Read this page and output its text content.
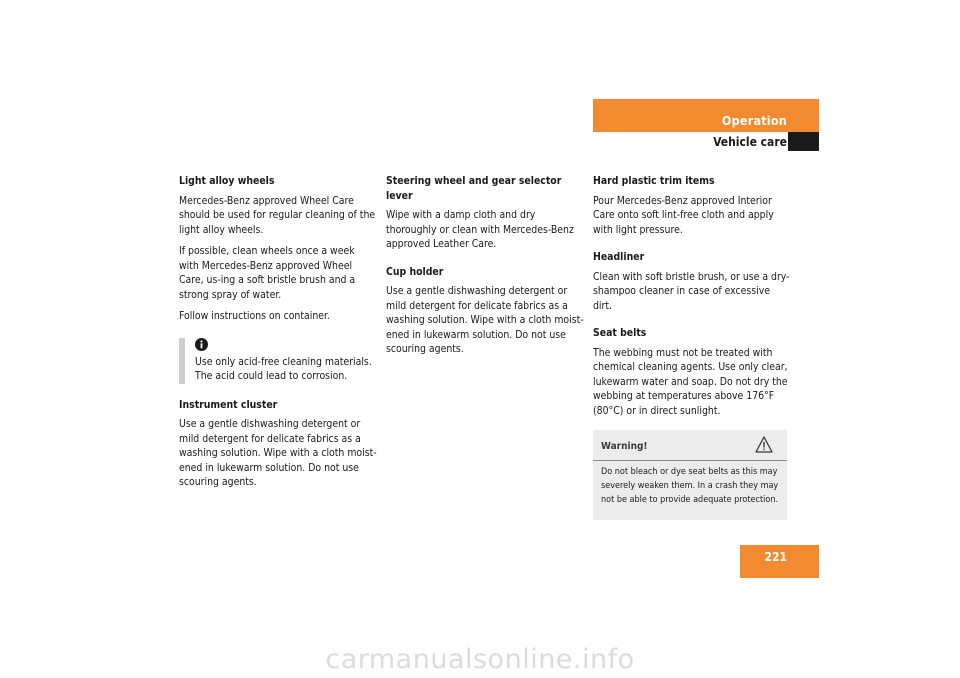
Operation
Vehicle care
Light alloy wheels

Mercedes-Benz approved Wheel Care should be used for regular cleaning of the light alloy wheels.

If possible, clean wheels once a week with Mercedes-Benz approved Wheel Care, us-ing a soft bristle brush and a strong spray of water.

Follow instructions on container.

Use only acid-free cleaning materials. The acid could lead to corrosion.

Instrument cluster

Use a gentle dishwashing detergent or mild detergent for delicate fabrics as a washing solution. Wipe with a cloth moist-ened in lukewarm solution. Do not use scouring agents.

Steering wheel and gear selector lever

Wipe with a damp cloth and dry thoroughly or clean with Mercedes-Benz approved Leather Care.

Cup holder

Use a gentle dishwashing detergent or mild detergent for delicate fabrics as a washing solution. Wipe with a cloth moist-ened in lukewarm solution. Do not use scouring agents.

Hard plastic trim items

Pour Mercedes-Benz approved Interior Care onto soft lint-free cloth and apply with light pressure.

Headliner

Clean with soft bristle brush, or use a dry-shampoo cleaner in case of excessive dirt.

Seat belts

The webbing must not be treated with chemical cleaning agents. Use only clear, lukewarm water and soap. Do not dry the webbing at temperatures above 176°F (80°C) or in direct sunlight.

Warning!

Do not bleach or dye seat belts as this may severely weaken them. In a crash they may not be able to provide adequate protection.

221
carmanualsonline.info
